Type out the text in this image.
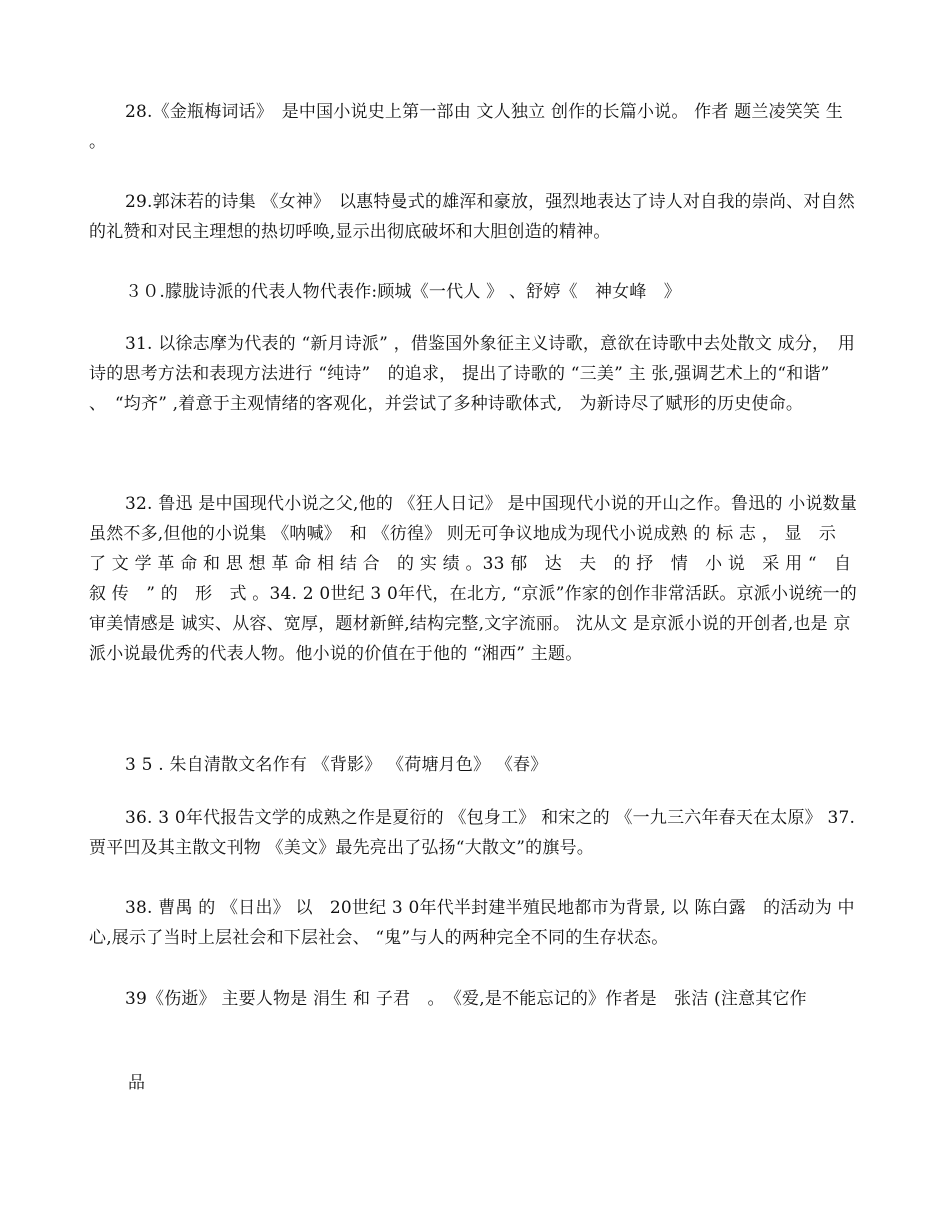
28.《金瓶梅词话》　是中国小说史上第一部由 文人独立 创作的长篇小说。 作者 题兰凌笑笑 生 。

29.郭沫若的诗集 《女神》　以惠特曼式的雄浑和豪放，强烈地表达了诗人对自我的崇尚、对自然的礼赞和对民主理想的热切呼唤,显示出彻底破坏和大胆创造的精神。

３０.朦胧诗派的代表人物代表作:顾城《一代人 》 、舒婷《　神女峰　》

31. 以徐志摩为代表的 “新月诗派” ，借鉴国外象征主义诗歌，意欲在诗歌中去处散文 成分，　用诗的思考方法和表现方法进行 “纯诗”　的追求， 提出了诗歌的 “三美” 主 张,强调艺术上的“和谐” 、　“均齐” ,着意于主观情绪的客观化，并尝试了多种诗歌体式,　为新诗尽了赋形的历史使命。

32. 鲁迅 是中国现代小说之父,他的 《狂人日记》 是中国现代小说的开山之作。鲁迅的 小说数量虽然不多,但他的小说集 《呐喊》　和 《彷徨》 则无可争议地成为现代小说成熟 的 标 志 ， 显　示　了 文 学 革 命 和 思 想 革 命 相 结 合　的 实 绩 。33 郁　达　夫　的 抒　情　小 说　采 用 “　自 叙 传　” 的　形　式 。34. 2 0世纪 3 0年代，在北方, “京派”作家的创作非常活跃。京派小说统一的审美情感是 诚实、从容、宽厚，题材新鲜,结构完整,文字流丽。 沈从文 是京派小说的开创者,也是 京派小说最优秀的代表人物。他小说的价值在于他的 “湘西” 主题。

3 5 . 朱自清散文名作有 《背影》 《荷塘月色》 《春》

36. 3 0年代报告文学的成熟之作是夏衍的 《包身工》 和宋之的 《一九三六年春天在太原》 37. 贾平凹及其主散文刊物 《美文》最先亮出了弘扬“大散文”的旗号。

38. 曹禺 的 《日出》 以　20世纪 3 0年代半封建半殖民地都市为背景, 以 陈白露　的活动为 中心,展示了当时上层社会和下层社会、 “鬼”与人的两种完全不同的生存状态。

39《伤逝》 主要人物是 涓生 和 子君　。　《爱,是不能忘记的》作者是　张洁 (注意其它作

品
